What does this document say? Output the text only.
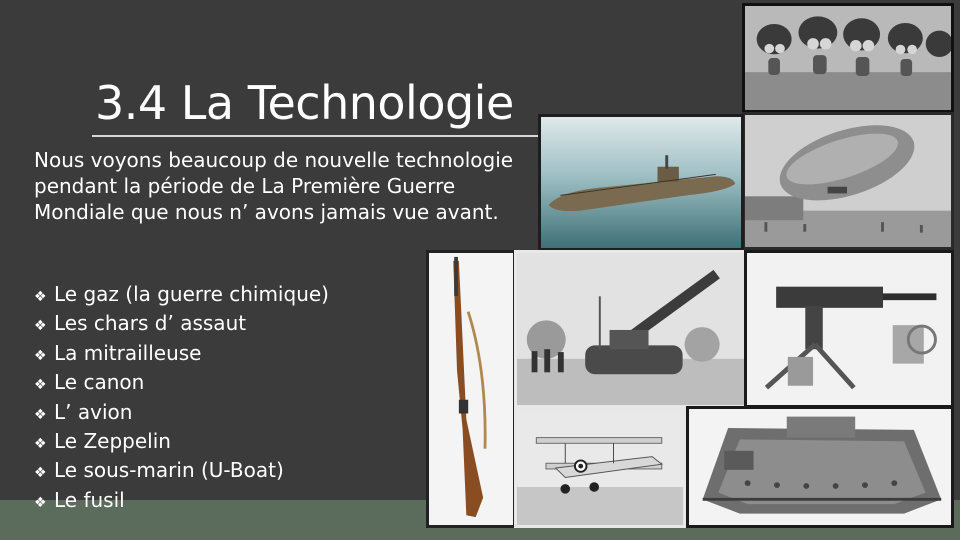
3.4 La Technologie
Nous voyons beaucoup de nouvelle technologie pendant la période de La Première Guerre Mondiale que nous n’ avons jamais vue avant.
❖ Le gaz (la guerre chimique)
❖ Les chars d’ assaut
❖ La mitrailleuse
❖ Le canon
❖ L’ avion
❖ Le Zeppelin
❖ Le sous-marin (U-Boat)
❖ Le fusil
